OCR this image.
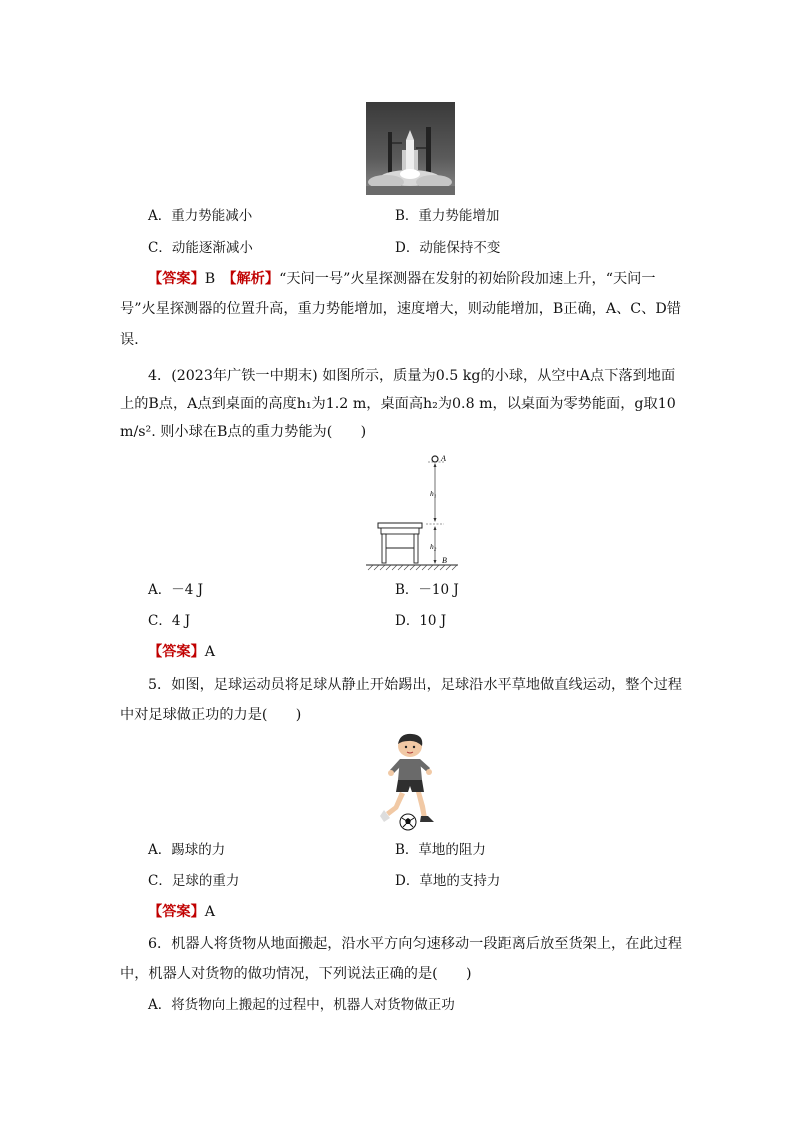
A．重力势能减小	B．重力势能增加
C．动能逐渐减小	D．动能保持不变
【答案】B　 【解析】“天问一号”火星探测器在发射的初始阶段加速上升，“天问一
号”火星探测器的位置升高，重力势能增加，速度增大，则动能增加，B正确，A、C、D错
误．
4．(2023年广铁一中期末) 如图所示，质量为0.5 kg的小球，从空中A点下落到地面
上的B点，A点到桌面的高度h₁为1.2 m，桌面高h₂为0.8 m，以桌面为零势能面，g取10
m/s². 则小球在B点的重力势能为(　　)
A
h₁
h₂
B
A．－4 J	B．－10 J
C．4 J	D．10 J
【答案】A
5．如图，足球运动员将足球从静止开始踢出，足球沿水平草地做直线运动，整个过程
中对足球做正功的力是(　　)
A．踢球的力	B．草地的阻力
C．足球的重力	D．草地的支持力
【答案】A
6．机器人将货物从地面搬起，沿水平方向匀速移动一段距离后放至货架上，在此过程
中，机器人对货物的做功情况，下列说法正确的是(　　)
A．将货物向上搬起的过程中，机器人对货物做正功
